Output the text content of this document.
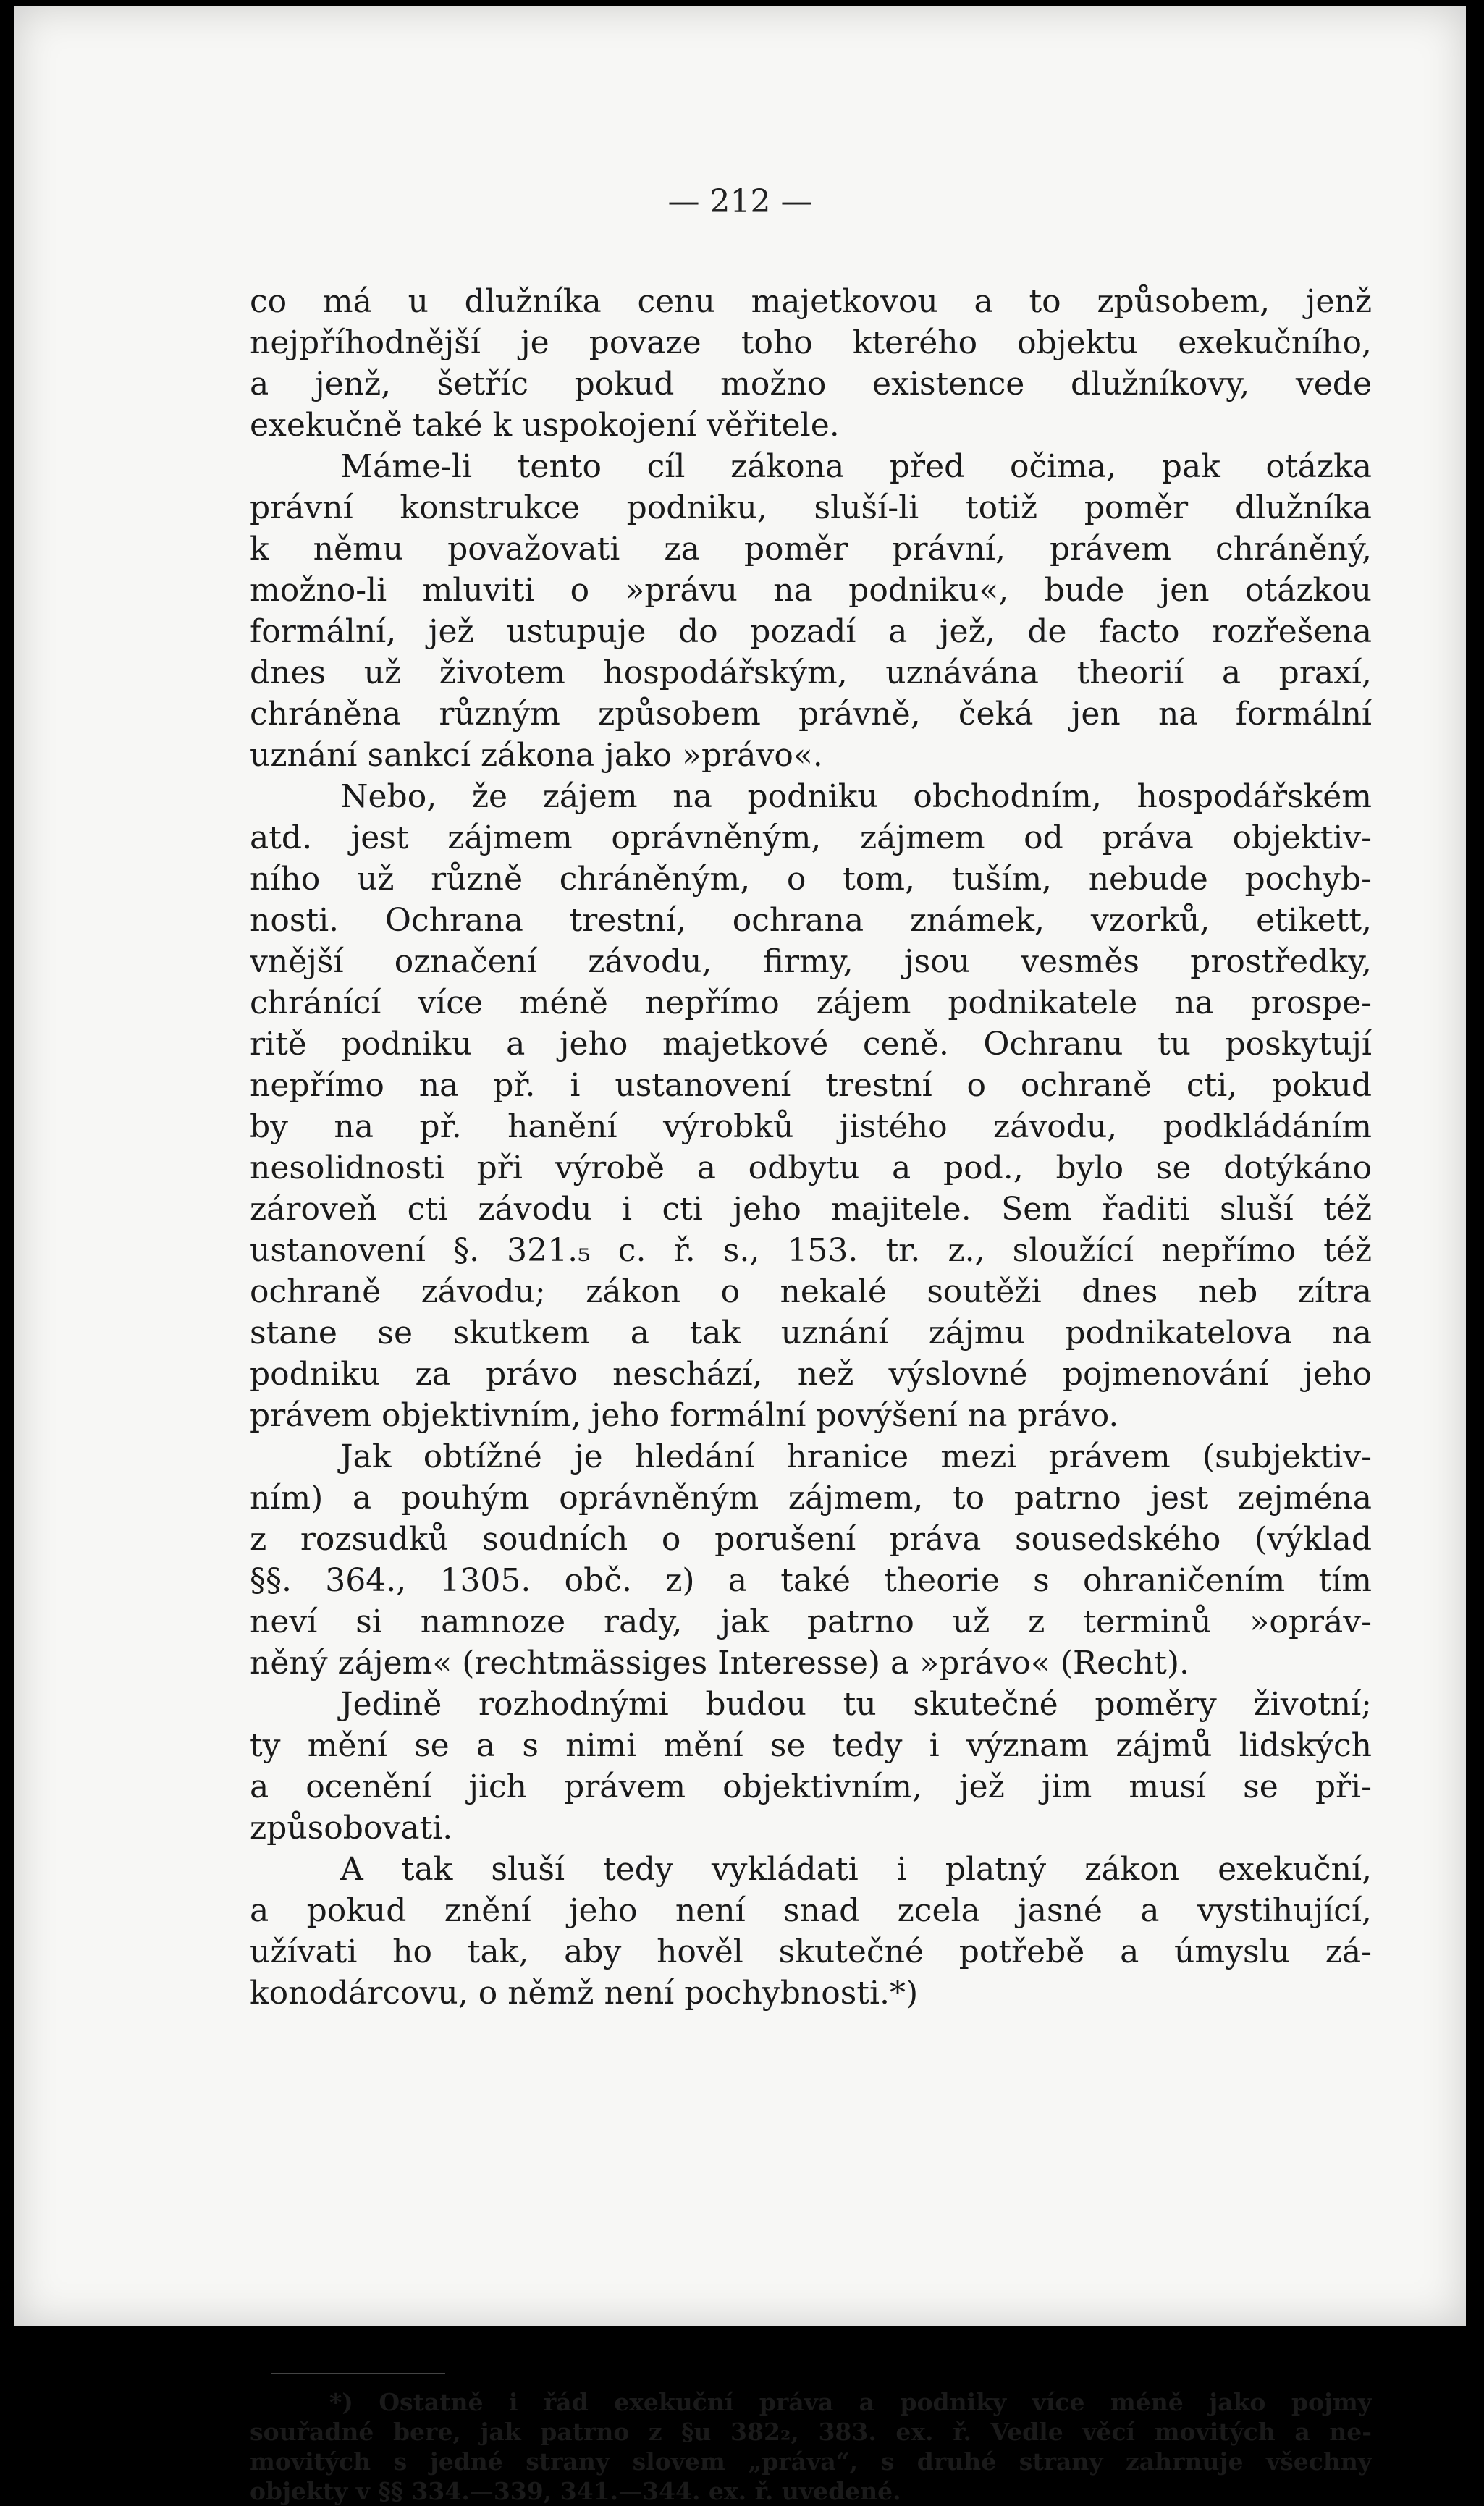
— 212 —
co má u dlužníka cenu majetkovou a to způsobem, jenž
nejpříhodnější je povaze toho kterého objektu exekučního,
a jenž, šetříc pokud možno existence dlužníkovy, vede
exekučně také k uspokojení věřitele.
Máme-li tento cíl zákona před očima, pak otázka
právní konstrukce podniku, sluší-li totiž poměr dlužníka
k němu považovati za poměr právní, právem chráněný,
možno-li mluviti o »právu na podniku«, bude jen otázkou
formální, jež ustupuje do pozadí a jež, de facto rozřešena
dnes už životem hospodářským, uznávána theorií a praxí,
chráněna různým způsobem právně, čeká jen na formální
uznání sankcí zákona jako »právo«.
Nebo, že zájem na podniku obchodním, hospodářském
atd. jest zájmem oprávněným, zájmem od práva objektiv-
ního už různě chráněným, o tom, tuším, nebude pochyb-
nosti. Ochrana trestní, ochrana známek, vzorků, etikett,
vnější označení závodu, firmy, jsou vesměs prostředky,
chránící více méně nepřímo zájem podnikatele na prospe-
ritě podniku a jeho majetkové ceně. Ochranu tu poskytují
nepřímo na př. i ustanovení trestní o ochraně cti, pokud
by na př. hanění výrobků jistého závodu, podkládáním
nesolidnosti při výrobě a odbytu a pod., bylo se dotýkáno
zároveň cti závodu i cti jeho majitele. Sem řaditi sluší též
ustanovení §. 321.₅ c. ř. s., 153. tr. z., sloužící nepřímo též
ochraně závodu; zákon o nekalé soutěži dnes neb zítra
stane se skutkem a tak uznání zájmu podnikatelova na
podniku za právo neschází, než výslovné pojmenování jeho
právem objektivním, jeho formální povýšení na právo.
Jak obtížné je hledání hranice mezi právem (subjektiv-
ním) a pouhým oprávněným zájmem, to patrno jest zejména
z rozsudků soudních o porušení práva sousedského (výklad
§§. 364., 1305. obč. z) a také theorie s ohraničením tím
neví si namnoze rady, jak patrno už z terminů »opráv-
něný zájem« (rechtmässiges Interesse) a »právo« (Recht).
Jedině rozhodnými budou tu skutečné poměry životní;
ty mění se a s nimi mění se tedy i význam zájmů lidských
a ocenění jich právem objektivním, jež jim musí se při-
způsobovati.
A tak sluší tedy vykládati i platný zákon exekuční,
a pokud znění jeho není snad zcela jasné a vystihující,
užívati ho tak, aby hověl skutečné potřebě a úmyslu zá-
konodárcovu, o němž není pochybnosti.*)
*) Ostatně i řád exekuční práva a podniky více méně jako pojmy
souřadné bere, jak patrno z §u 382₂, 383. ex. ř. Vedle věcí movitých a ne-
movitých s jedné strany slovem „práva“, s druhé strany zahrnuje všechny
objekty v §§ 334.—339, 341.—344. ex. ř. uvedené.
